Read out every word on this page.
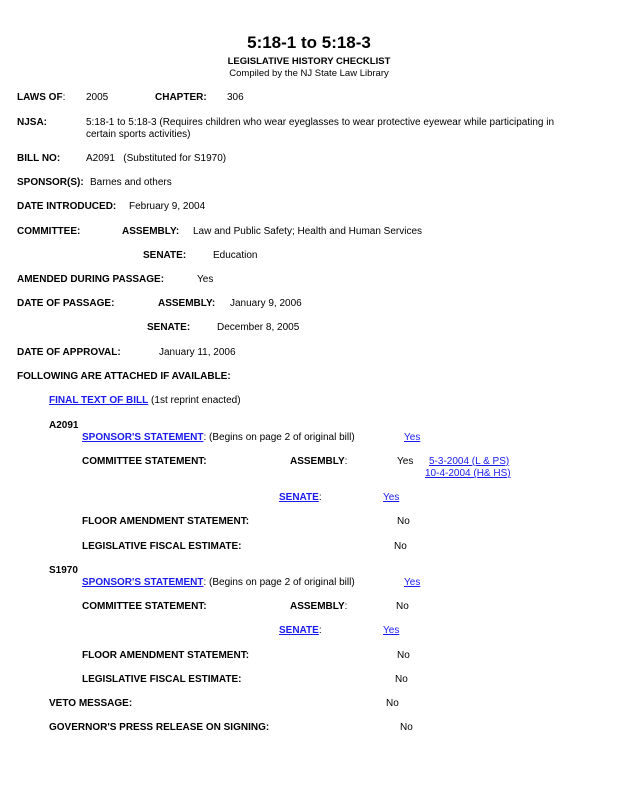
5:18-1 to 5:18-3
LEGISLATIVE HISTORY CHECKLIST
Compiled by the NJ State Law Library
LAWS OF: 2005	CHAPTER: 306
NJSA:	5:18-1 to 5:18-3 (Requires children who wear eyeglasses to wear protective eyewear while participating in certain sports activities)
BILL NO:	A2091   (Substituted for S1970)
SPONSOR(S): Barnes and others
DATE INTRODUCED: February 9, 2004
COMMITTEE:	ASSEMBLY: Law and Public Safety; Health and Human Services
SENATE:	Education
AMENDED DURING PASSAGE:	Yes
DATE OF PASSAGE:	ASSEMBLY: January 9, 2006
SENATE:	December 8, 2005
DATE OF APPROVAL:	January 11, 2006
FOLLOWING ARE ATTACHED IF AVAILABLE:
FINAL TEXT OF BILL (1st reprint enacted)
A2091
SPONSOR'S STATEMENT: (Begins on page 2 of original bill)	Yes
COMMITTEE STATEMENT:	ASSEMBLY:	Yes 5-3-2004 (L & PS)
10-4-2004 (H& HS)
SENATE:	Yes
FLOOR AMENDMENT STATEMENT:	No
LEGISLATIVE FISCAL ESTIMATE:	No
S1970
SPONSOR'S STATEMENT: (Begins on page 2 of original bill)	Yes
COMMITTEE STATEMENT:	ASSEMBLY:	No
SENATE:	Yes
FLOOR AMENDMENT STATEMENT:	No
LEGISLATIVE FISCAL ESTIMATE:	No
VETO MESSAGE:	No
GOVERNOR'S PRESS RELEASE ON SIGNING:	No
